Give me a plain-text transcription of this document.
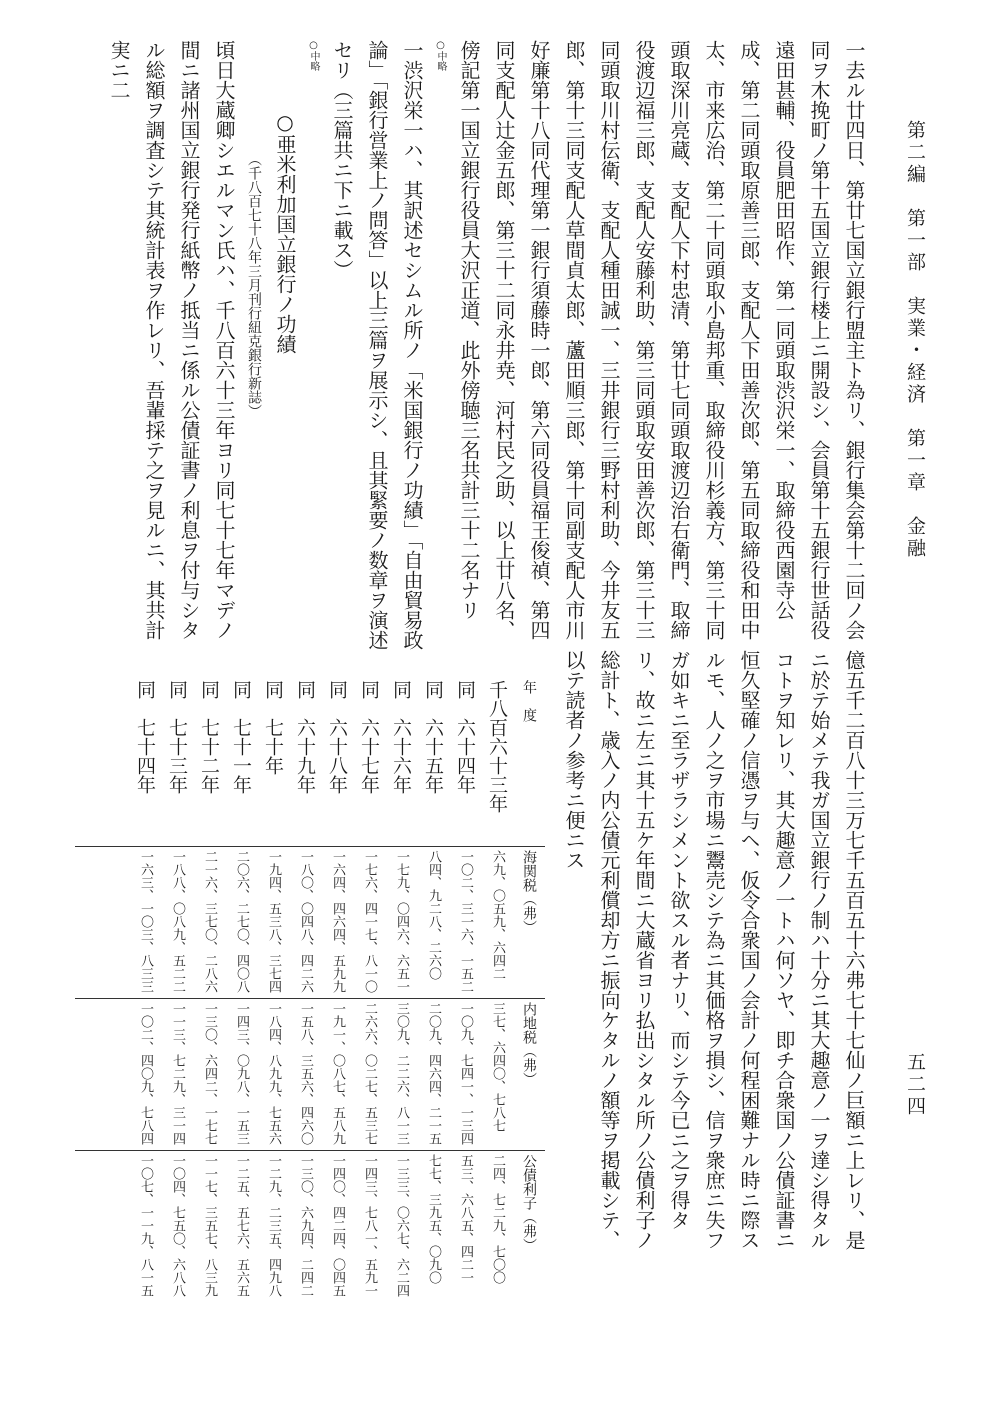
第二編　第一部　実業・経済　第一章　金融
五二四

一去ル廿四日、第廿七国立銀行盟主ト為リ、銀行集会第十二回ノ会同ヲ木挽町ノ第十五国立銀行楼上ニ開設シ、会員第十五銀行世話役遠田甚輔、役員肥田昭作、第一同頭取渋沢栄一、取締役西園寺公成、第二同頭取原善三郎、支配人下田善次郎、第五同取締役和田中太、市来広治、第二十同頭取小島邦重、取締役川杉義方、第三十同頭取深川亮蔵、支配人下村忠清、第廿七同頭取渡辺治右衛門、取締役渡辺福三郎、支配人安藤利助、第三同頭取安田善次郎、第三十三同頭取川村伝衛、支配人種田誠一、三井銀行三野村利助、今井友五郎、第十三同支配人草間貞太郎、蘆田順三郎、第十同副支配人市川好廉第十八同代理第一銀行須藤時一郎、第六同役員福王俊禎、第四同支配人辻金五郎、第三十二同永井尭、河村民之助、以上廿八名、傍記第一国立銀行役員大沢正道、此外傍聴三名共計三十二名ナリ

○中略

一渋沢栄一ハ、其訳述セシムル所ノ「米国銀行ノ功績」「自由貿易政論」「銀行営業上ノ問答」以上三篇ヲ展示シ、且其緊要ノ数章ヲ演述セリ（三篇共ニ下ニ載ス）

○中略

○亜米利加国立銀行ノ功績

（千八百七十八年三月刊行紐克銀行新誌）

頃日大蔵卿シエルマン氏ハ、千八百六十三年ヨリ同七十七年マデノ間ニ諸州国立銀行発行紙幣ノ抵当ニ係ル公債証書ノ利息ヲ付与シタル総額ヲ調査シテ其統計表ヲ作レリ、吾輩採テ之ヲ見ルニ、其共計実ニ二

億五千二百八十三万七千五百五十六弗七十七仙ノ巨額ニ上レリ、是ニ於テ始メテ我ガ国立銀行ノ制ハ十分ニ其大趣意ノ一ヲ達シ得タルコトヲ知レリ、其大趣意ノ一トハ何ソヤ、即チ合衆国ノ公債証書ニ恒久堅確ノ信憑ヲ与ヘ、仮令合衆国ノ会計ノ何程困難ナル時ニ際スルモ、人ノ之ヲ市場ニ鬻売シテ為ニ其価格ヲ損シ、信ヲ衆庶ニ失フガ如キニ至ラザラシメント欲スル者ナリ、而シテ今已ニ之ヲ得タリ、故ニ左ニ其十五ケ年間ニ大蔵省ヨリ払出シタル所ノ公債利子ノ総計ト、歳入ノ内公債元利償却方ニ振向ケタルノ額等ヲ掲載シテ、以テ読者ノ参考ニ便ニス

年　度
千八百六十三年
同　六十四年
同　六十五年
同　六十六年
同　六十七年
同　六十八年
同　六十九年
同　七十年
同　七十一年
同　七十二年
同　七十三年
同　七十四年
海関税（弗）
六九、〇五九、六四二
一〇二、三一六、一五二
八四、九二八、二六〇
一七九、〇四六、六五一
一七六、四一七、八一〇
一六四、四六四、五九九
一八〇、〇四八、四二六
一九四、五三八、三七四
二〇六、二七〇、四〇八
二一六、三七〇、二八六
一八八、〇八九、五二二
一六三、一〇三、八三三
内地税（弗）
三七、六四〇、七八七
一〇九、七四一、一三四
二〇九、四六四、二一五
三〇九、二二六、八一三
二六六、〇二七、五三七
一九一、〇八七、五八九
一五八、三五六、四六〇
一八四、八九九、七五六
一四三、〇九八、一五三
一三〇、六四二、一七七
一一三、七二九、三一四
一〇二、四〇九、七八四
公債利子（弗）
二四、七二九、七〇〇
五三、六八五、四二一
七七、三九五、〇九〇
一三三、〇六七、六二四
一四三、七八一、五九一
一四〇、四二四、〇四五
一三〇、六九四、二四二
一二九、二三五、四九八
一二五、五七六、五六五
一一七、三五七、八三九
一〇四、七五〇、六八八
一〇七、一一九、八一五
